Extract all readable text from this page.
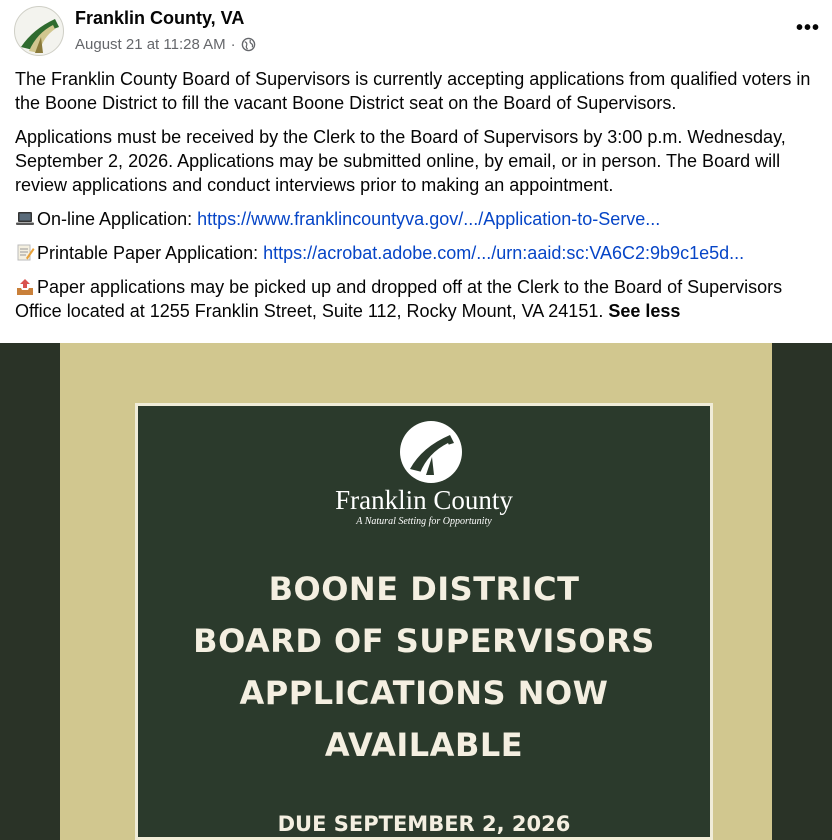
Franklin County, VA
August 21 at 11:28 AM ·
•••

The Franklin County Board of Supervisors is currently accepting applications from qualified voters in the Boone District to fill the vacant Boone District seat on the Board of Supervisors.

Applications must be received by the Clerk to the Board of Supervisors by 3:00 p.m. Wednesday, September 2, 2026. Applications may be submitted online, by email, or in person. The Board will review applications and conduct interviews prior to making an appointment.

On-line Application: https://www.franklincountyva.gov/.../Application-to-Serve...

Printable Paper Application: https://acrobat.adobe.com/.../urn:aaid:sc:VA6C2:9b9c1e5d...

Paper applications may be picked up and dropped off at the Clerk to the Board of Supervisors Office located at 1255 Franklin Street, Suite 112, Rocky Mount, VA 24151. See less

Franklin County
A Natural Setting for Opportunity
BOONE DISTRICT
BOARD OF SUPERVISORS
APPLICATIONS NOW
AVAILABLE
DUE SEPTEMBER 2, 2026
